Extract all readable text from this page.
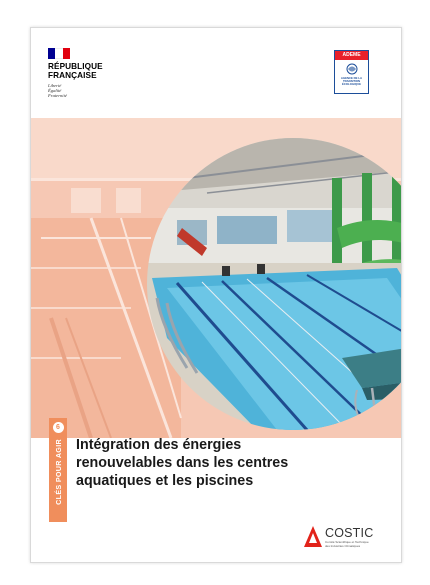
RÉPUBLIQUE
FRANÇAISE
Liberté
Égalité
Fraternité
ADEME
AGENCE DE LA
TRANSITION
ÉCOLOGIQUE
6
CLÉS POUR AGIR Intégration des énergies
renouvelables dans les centres
aquatiques et les piscines
COSTIC
Comité Scientifique et Technique
des Industries Climatiques
